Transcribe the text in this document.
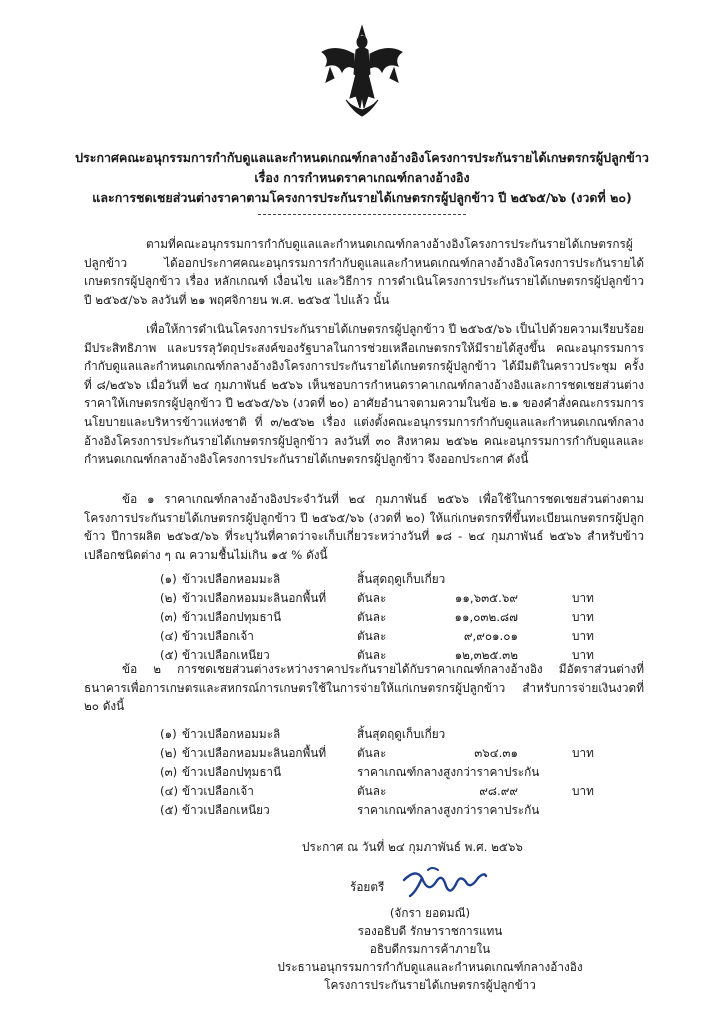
ประกาศคณะอนุกรรมการกำกับดูแลและกำหนดเกณฑ์กลางอ้างอิงโครงการประกันรายได้เกษตรกรผู้ปลูกข้าว
เรื่อง การกำหนดราคาเกณฑ์กลางอ้างอิง
และการชดเชยส่วนต่างราคาตามโครงการประกันรายได้เกษตรกรผู้ปลูกข้าว ปี ๒๕๖๕/๖๖ (งวดที่ ๒๐)
ตามที่คณะอนุกรรมการกำกับดูแลและกำหนดเกณฑ์กลางอ้างอิงโครงการประกันรายได้เกษตรกรผู้ปลูกข้าว ได้ออกประกาศคณะอนุกรรมการกำกับดูแลและกำหนดเกณฑ์กลางอ้างอิงโครงการประกันรายได้เกษตรกรผู้ปลูกข้าว เรื่อง หลักเกณฑ์ เงื่อนไข และวิธีการ การดำเนินโครงการประกันรายได้เกษตรกรผู้ปลูกข้าว ปี ๒๕๖๕/๖๖ ลงวันที่ ๒๑ พฤศจิกายน พ.ศ. ๒๕๖๕ ไปแล้ว นั้น
เพื่อให้การดำเนินโครงการประกันรายได้เกษตรกรผู้ปลูกข้าว ปี ๒๕๖๕/๖๖ เป็นไปด้วยความเรียบร้อย มีประสิทธิภาพ และบรรลุวัตถุประสงค์ของรัฐบาลในการช่วยเหลือเกษตรกรให้มีรายได้สูงขึ้น คณะอนุกรรมการกำกับดูแลและกำหนดเกณฑ์กลางอ้างอิงโครงการประกันรายได้เกษตรกรผู้ปลูกข้าว ได้มีมติในคราวประชุม ครั้งที่ ๘/๒๕๖๖ เมื่อวันที่ ๒๔ กุมภาพันธ์ ๒๕๖๖ เห็นชอบการกำหนดราคาเกณฑ์กลางอ้างอิงและการชดเชยส่วนต่างราคาให้เกษตรกรผู้ปลูกข้าว ปี ๒๕๖๕/๖๖ (งวดที่ ๒๐) อาศัยอำนาจตามความในข้อ ๒.๑ ของคำสั่งคณะกรรมการนโยบายและบริหารข้าวแห่งชาติ ที่ ๓/๒๕๖๒ เรื่อง แต่งตั้งคณะอนุกรรมการกำกับดูแลและกำหนดเกณฑ์กลางอ้างอิงโครงการประกันรายได้เกษตรกรผู้ปลูกข้าว ลงวันที่ ๓๐ สิงหาคม ๒๕๖๒ คณะอนุกรรมการกำกับดูแลและกำหนดเกณฑ์กลางอ้างอิงโครงการประกันรายได้เกษตรกรผู้ปลูกข้าว จึงออกประกาศ ดังนี้
ข้อ ๑ ราคาเกณฑ์กลางอ้างอิงประจำวันที่ ๒๔ กุมภาพันธ์ ๒๕๖๖ เพื่อใช้ในการชดเชยส่วนต่างตามโครงการประกันรายได้เกษตรกรผู้ปลูกข้าว ปี ๒๕๖๕/๖๖ (งวดที่ ๒๐) ให้แก่เกษตรกรที่ขึ้นทะเบียนเกษตรกรผู้ปลูกข้าว ปีการผลิต ๒๕๖๕/๖๖ ที่ระบุวันที่คาดว่าจะเก็บเกี่ยวระหว่างวันที่ ๑๘ - ๒๔ กุมภาพันธ์ ๒๕๖๖ สำหรับข้าวเปลือกชนิดต่าง ๆ ณ ความชื้นไม่เกิน ๑๕ % ดังนี้
(๑) ข้าวเปลือกหอมมะลิ	สิ้นสุดฤดูเก็บเกี่ยว
(๒) ข้าวเปลือกหอมมะลินอกพื้นที่	ตันละ	๑๑,๖๓๕.๖๙	บาท
(๓) ข้าวเปลือกปทุมธานี	ตันละ	๑๑,๐๓๒.๘๗	บาท
(๔) ข้าวเปลือกเจ้า	ตันละ	๙,๙๐๑.๐๑	บาท
(๕) ข้าวเปลือกเหนียว	ตันละ	๑๒,๓๒๕.๓๒	บาท
ข้อ ๒ การชดเชยส่วนต่างระหว่างราคาประกันรายได้กับราคาเกณฑ์กลางอ้างอิง มีอัตราส่วนต่างที่ธนาคารเพื่อการเกษตรและสหกรณ์การเกษตรใช้ในการจ่ายให้แก่เกษตรกรผู้ปลูกข้าว สำหรับการจ่ายเงินงวดที่ ๒๐ ดังนี้
(๑) ข้าวเปลือกหอมมะลิ	สิ้นสุดฤดูเก็บเกี่ยว
(๒) ข้าวเปลือกหอมมะลินอกพื้นที่	ตันละ	๓๖๔.๓๑	บาท
(๓) ข้าวเปลือกปทุมธานี	ราคาเกณฑ์กลางสูงกว่าราคาประกัน
(๔) ข้าวเปลือกเจ้า	ตันละ	๙๘.๙๙	บาท
(๕) ข้าวเปลือกเหนียว	ราคาเกณฑ์กลางสูงกว่าราคาประกัน
ประกาศ ณ วันที่ ๒๔ กุมภาพันธ์ พ.ศ. ๒๕๖๖
ร้อยตรี
(จักรา ยอดมณี)
รองอธิบดี รักษาราชการแทน
อธิบดีกรมการค้าภายใน
ประธานอนุกรรมการกำกับดูแลและกำหนดเกณฑ์กลางอ้างอิง
โครงการประกันรายได้เกษตรกรผู้ปลูกข้าว
